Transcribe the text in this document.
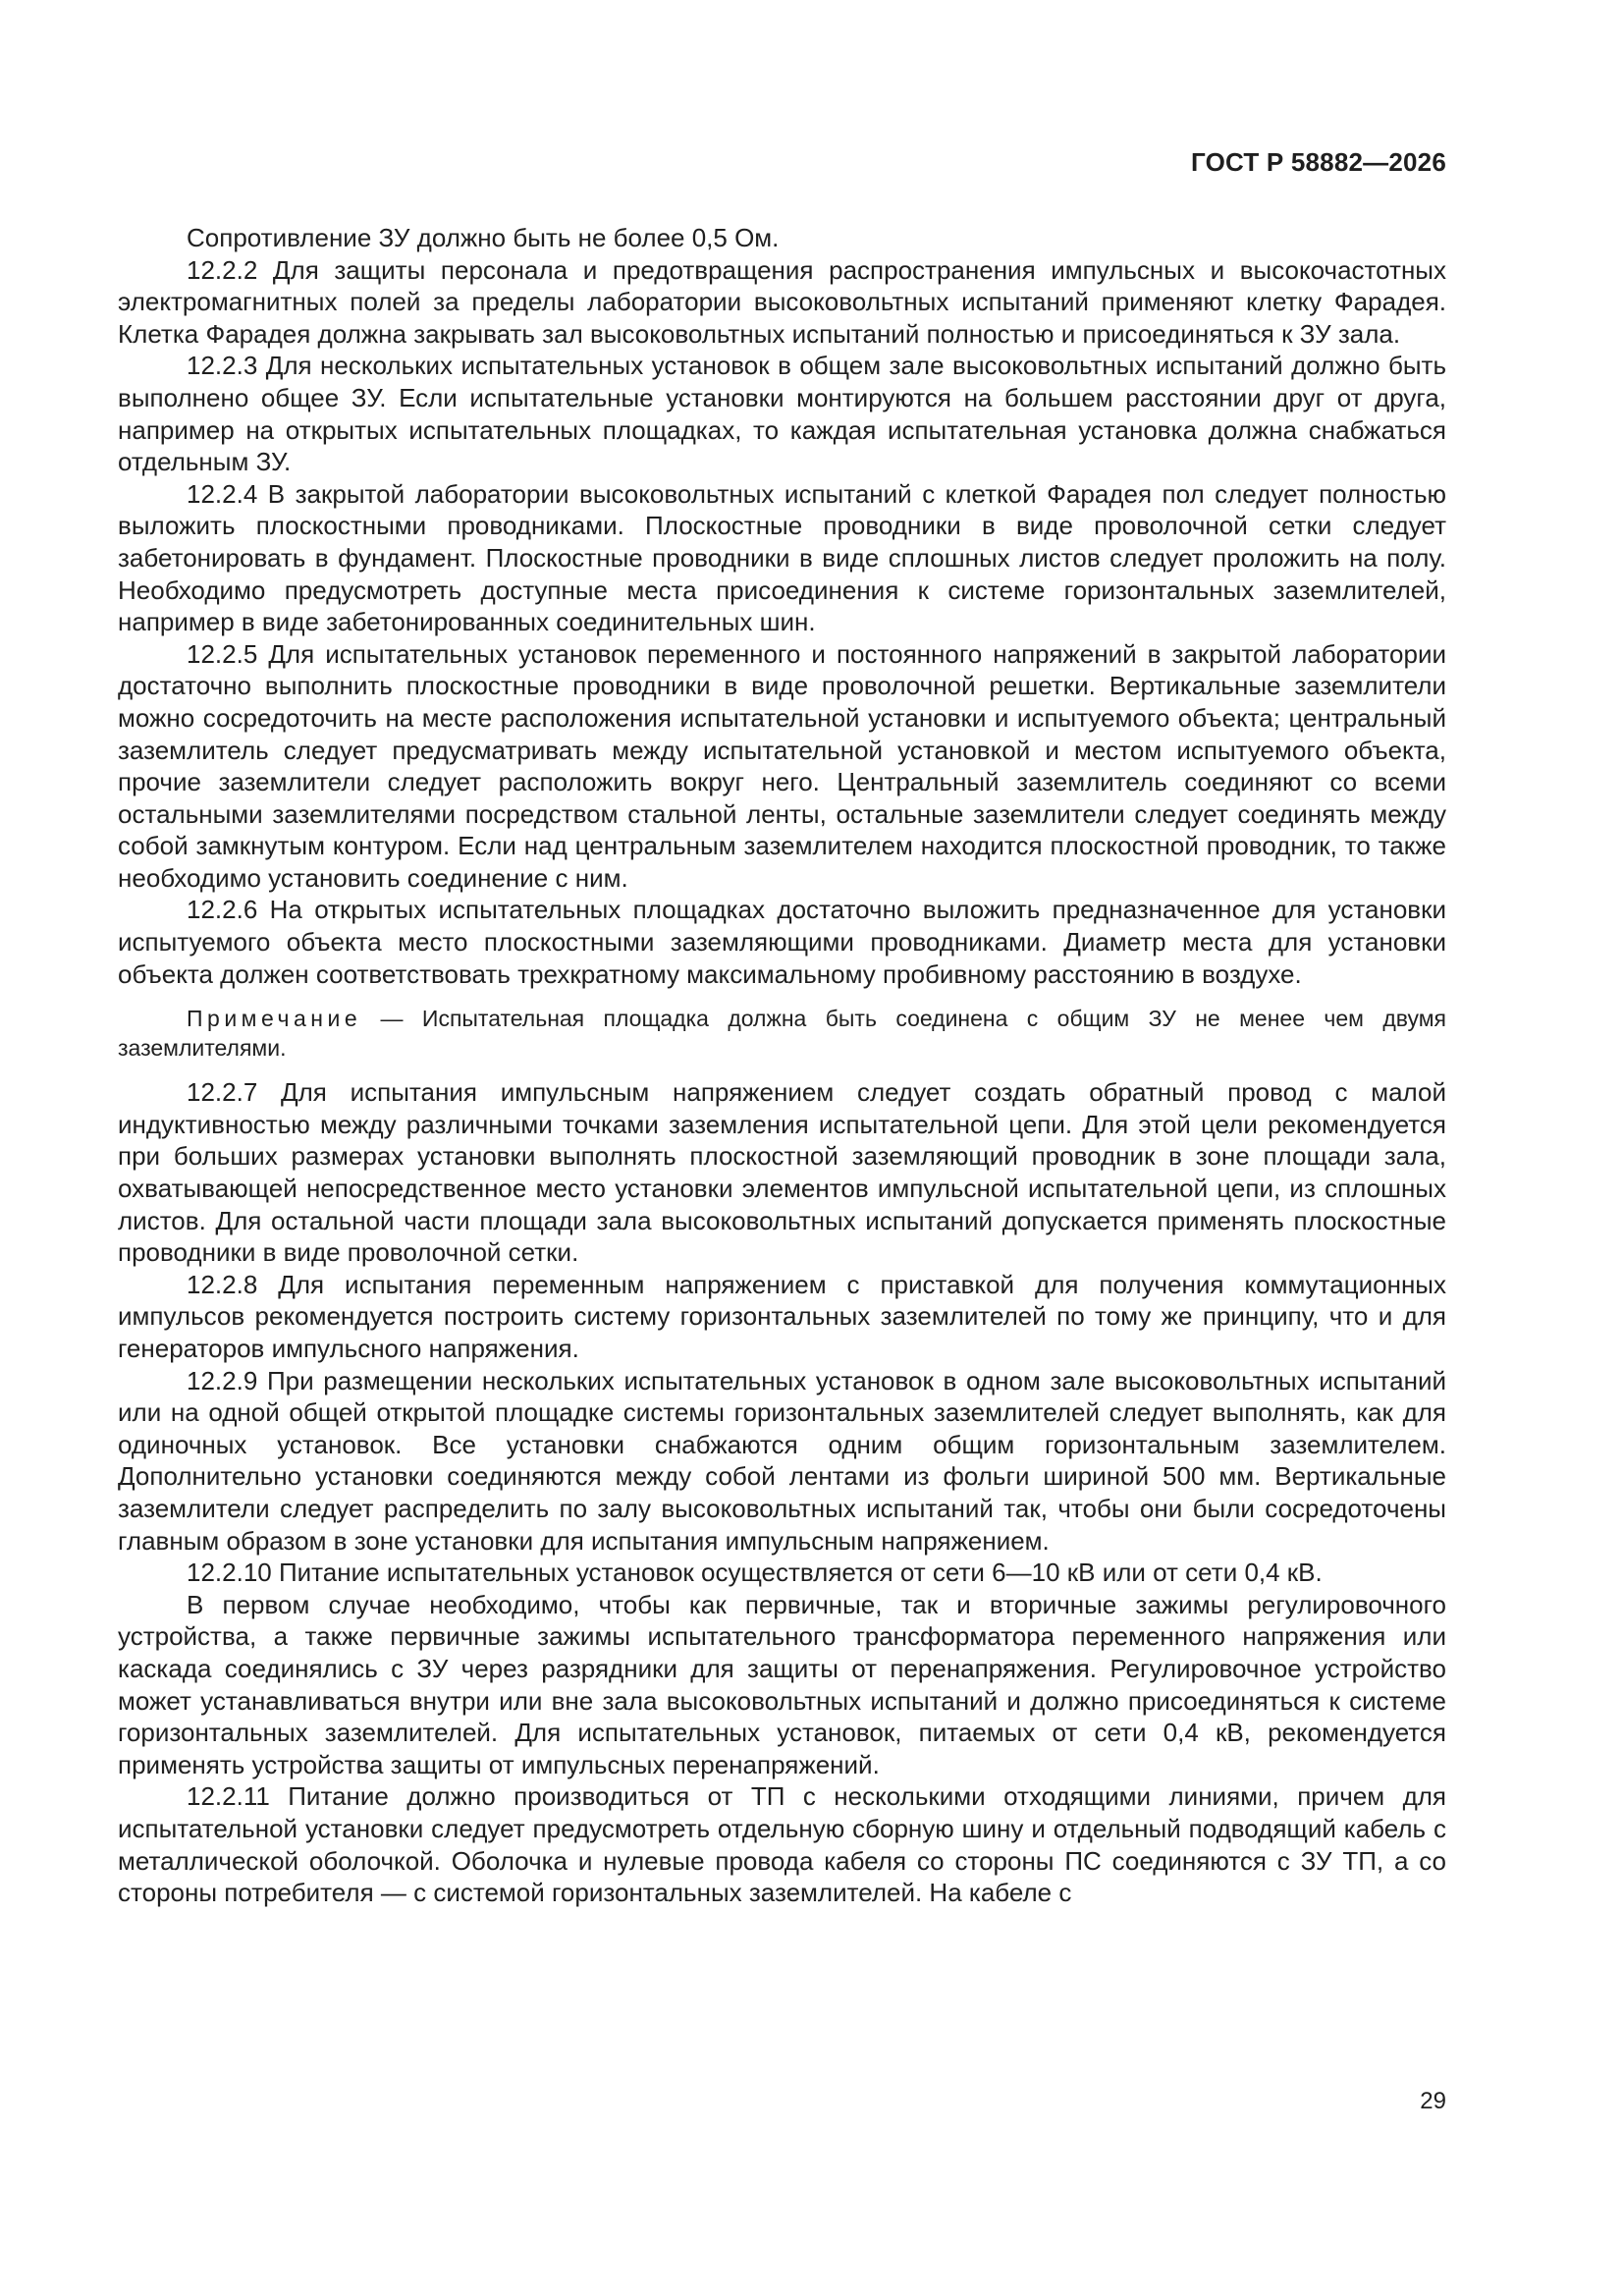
ГОСТ Р 58882—2026

Сопротивление ЗУ должно быть не более 0,5 Ом.

12.2.2 Для защиты персонала и предотвращения распространения импульсных и высокочастотных электромагнитных полей за пределы лаборатории высоковольтных испытаний применяют клетку Фарадея. Клетка Фарадея должна закрывать зал высоковольтных испытаний полностью и присоединяться к ЗУ зала.

12.2.3 Для нескольких испытательных установок в общем зале высоковольтных испытаний должно быть выполнено общее ЗУ. Если испытательные установки монтируются на большем расстоянии друг от друга, например на открытых испытательных площадках, то каждая испытательная установка должна снабжаться отдельным ЗУ.

12.2.4 В закрытой лаборатории высоковольтных испытаний с клеткой Фарадея пол следует полностью выложить плоскостными проводниками. Плоскостные проводники в виде проволочной сетки следует забетонировать в фундамент. Плоскостные проводники в виде сплошных листов следует проложить на полу. Необходимо предусмотреть доступные места присоединения к системе горизонтальных заземлителей, например в виде забетонированных соединительных шин.

12.2.5 Для испытательных установок переменного и постоянного напряжений в закрытой лаборатории достаточно выполнить плоскостные проводники в виде проволочной решетки. Вертикальные заземлители можно сосредоточить на месте расположения испытательной установки и испытуемого объекта; центральный заземлитель следует предусматривать между испытательной установкой и местом испытуемого объекта, прочие заземлители следует расположить вокруг него. Центральный заземлитель соединяют со всеми остальными заземлителями посредством стальной ленты, остальные заземлители следует соединять между собой замкнутым контуром. Если над центральным заземлителем находится плоскостной проводник, то также необходимо установить соединение с ним.

12.2.6 На открытых испытательных площадках достаточно выложить предназначенное для установки испытуемого объекта место плоскостными заземляющими проводниками. Диаметр места для установки объекта должен соответствовать трехкратному максимальному пробивному расстоянию в воздухе.

Примечание — Испытательная площадка должна быть соединена с общим ЗУ не менее чем двумя заземлителями.

12.2.7 Для испытания импульсным напряжением следует создать обратный провод с малой индуктивностью между различными точками заземления испытательной цепи. Для этой цели рекомендуется при больших размерах установки выполнять плоскостной заземляющий проводник в зоне площади зала, охватывающей непосредственное место установки элементов импульсной испытательной цепи, из сплошных листов. Для остальной части площади зала высоковольтных испытаний допускается применять плоскостные проводники в виде проволочной сетки.

12.2.8 Для испытания переменным напряжением с приставкой для получения коммутационных импульсов рекомендуется построить систему горизонтальных заземлителей по тому же принципу, что и для генераторов импульсного напряжения.

12.2.9 При размещении нескольких испытательных установок в одном зале высоковольтных испытаний или на одной общей открытой площадке системы горизонтальных заземлителей следует выполнять, как для одиночных установок. Все установки снабжаются одним общим горизонтальным заземлителем. Дополнительно установки соединяются между собой лентами из фольги шириной 500 мм. Вертикальные заземлители следует распределить по залу высоковольтных испытаний так, чтобы они были сосредоточены главным образом в зоне установки для испытания импульсным напряжением.

12.2.10 Питание испытательных установок осуществляется от сети 6—10 кВ или от сети 0,4 кВ.

В первом случае необходимо, чтобы как первичные, так и вторичные зажимы регулировочного устройства, а также первичные зажимы испытательного трансформатора переменного напряжения или каскада соединялись с ЗУ через разрядники для защиты от перенапряжения. Регулировочное устройство может устанавливаться внутри или вне зала высоковольтных испытаний и должно присоединяться к системе горизонтальных заземлителей. Для испытательных установок, питаемых от сети 0,4 кВ, рекомендуется применять устройства защиты от импульсных перенапряжений.

12.2.11 Питание должно производиться от ТП с несколькими отходящими линиями, причем для испытательной установки следует предусмотреть отдельную сборную шину и отдельный подводящий кабель с металлической оболочкой. Оболочка и нулевые провода кабеля со стороны ПС соединяются с ЗУ ТП, а со стороны потребителя — с системой горизонтальных заземлителей. На кабеле с

29
